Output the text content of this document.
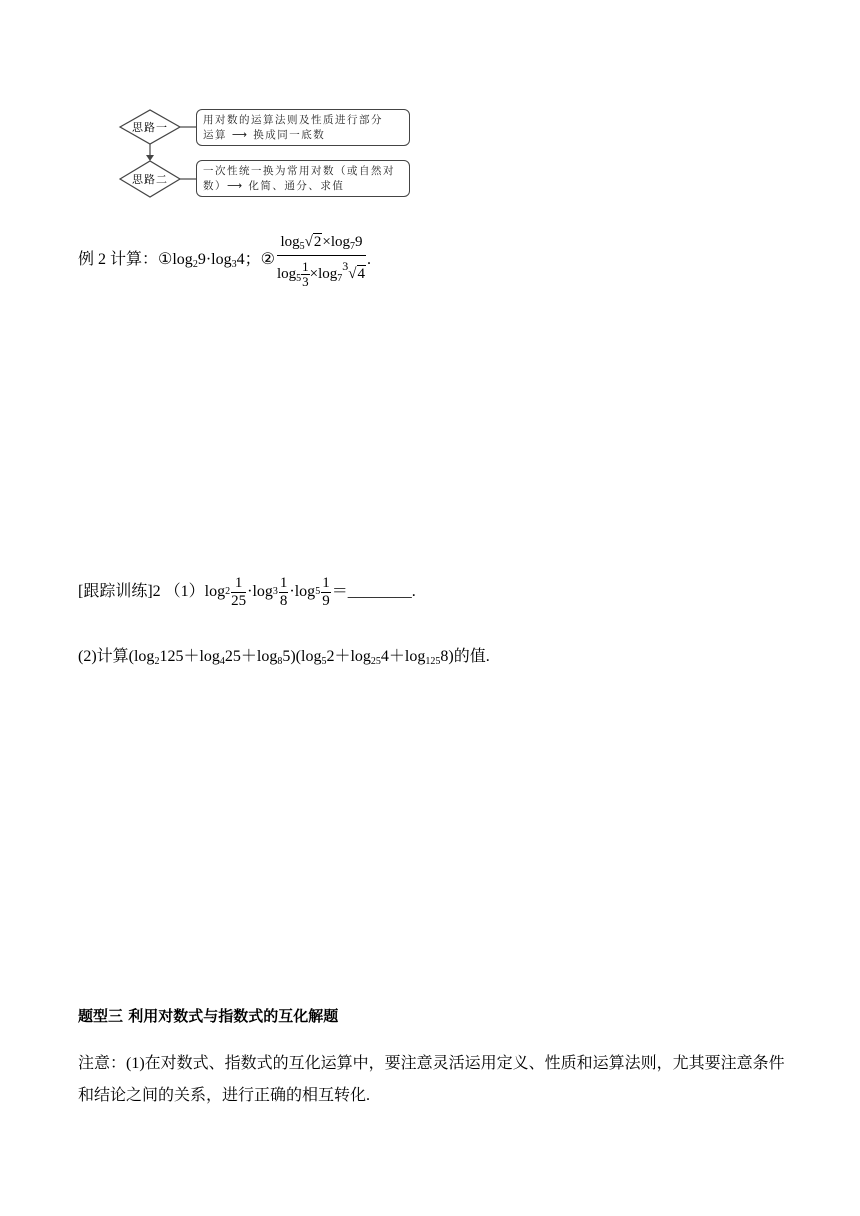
思路一
思路二
用对数的运算法则及性质进行部分
运算 ⟶ 换成同一底数
一次性统一换为常用对数（或自然对
数）⟶ 化简、通分、求值
例 2 计算： ① $\log_29\cdot\log_34$； ② $\frac{\log_5√2\times\log_79}{\log_5 \frac{1}{3} \times\log_7^3√4}$ .
[跟踪训练]2 （1） $\log 2 \frac{1}{25} \cdot\log$ $3 \frac{1}{8} \cdot\log$ $5 \frac{1}{9}$ ＝________.
(2)计算$(\log_2125+\log_425+\log_85)(\log_52+\log_{25}4+\log_{125}8)$的值.
题型三 利用对数式与指数式的互化解题
注意：(1)在对数式、指数式的互化运算中，要注意灵活运用定义、性质和运算法则，尤其要注意条件和结论之间的关系，进行正确的相互转化.
